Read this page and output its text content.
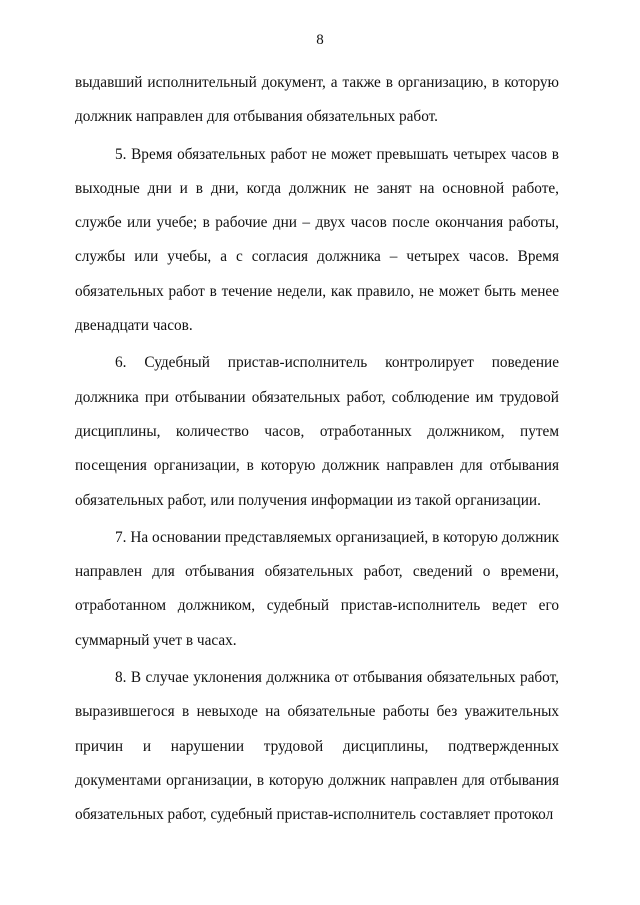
8

выдавший исполнительный документ, а также в организацию, в которую должник направлен для отбывания обязательных работ.

5. Время обязательных работ не может превышать четырех часов в выходные дни и в дни, когда должник не занят на основной работе, службе или учебе; в рабочие дни – двух часов после окончания работы, службы или учебы, а с согласия должника – четырех часов. Время обязательных работ в течение недели, как правило, не может быть менее двенадцати часов.

6. Судебный пристав-исполнитель контролирует поведение должника при отбывании обязательных работ, соблюдение им трудовой дисциплины, количество часов, отработанных должником, путем посещения организации, в которую должник направлен для отбывания обязательных работ, или получения информации из такой организации.

7. На основании представляемых организацией, в которую должник направлен для отбывания обязательных работ, сведений о времени, отработанном должником, судебный пристав-исполнитель ведет его суммарный учет в часах.

8. В случае уклонения должника от отбывания обязательных работ, выразившегося в невыходе на обязательные работы без уважительных причин и нарушении трудовой дисциплины, подтвержденных документами организации, в которую должник направлен для отбывания обязательных работ, судебный пристав-исполнитель составляет протокол
